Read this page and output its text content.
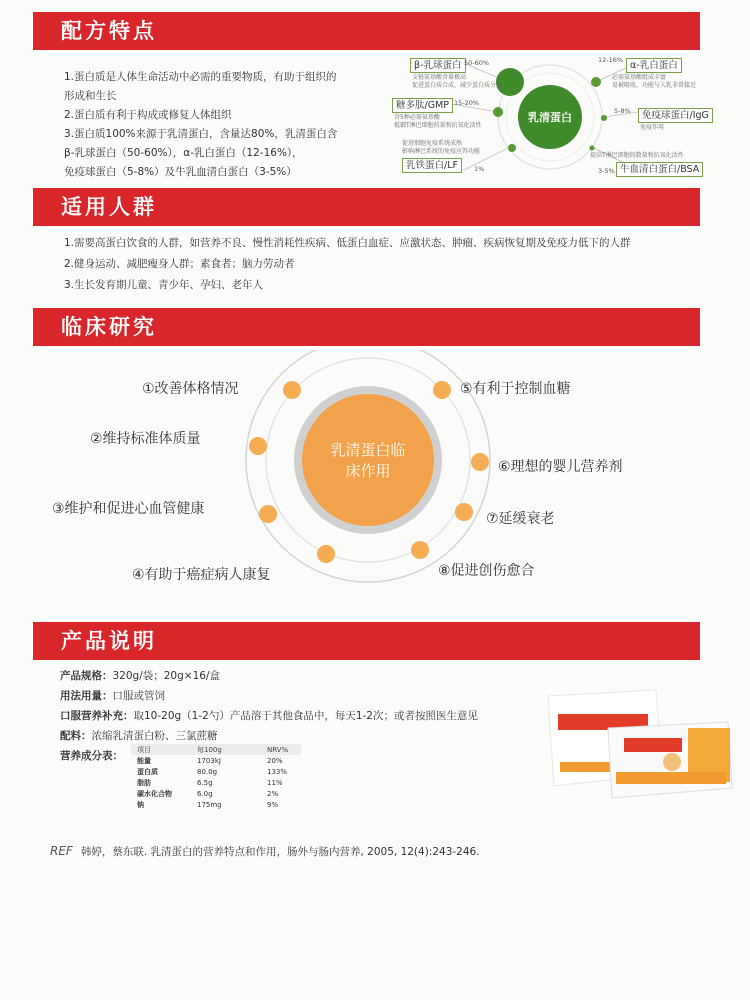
配方特点
适用人群
临床研究
产品说明
1.蛋白质是人体生命活动中必需的重要物质，有助于组织的
形成和生长
2.蛋白质有利于构成或修复人体组织
3.蛋白质100%来源于乳清蛋白，含量达80%，乳清蛋白含
β-乳球蛋白（50-60%），α-乳白蛋白（12-16%），
免疫球蛋白（5-8%）及牛乳血清白蛋白（3-5%）
乳清蛋白
β-乳球蛋白 50-60%
支链氨基酸含量极高
促进蛋白质合成，减少蛋白质分解
糖多肽/GMP 15-20%
含5种必需氨基酸
抵御T淋巴细胞的量和抗氧化活性
促进细胞免疫系统成熟
影响淋巴系统的免疫应答功能
乳铁蛋白/LF	1%
12-16% α-乳白蛋白
必需氨基酸组成丰富
易被吸收，功能与人乳非常接近
5-8%	免疫球蛋白/IgG
免疫作用
提高T淋巴细胞的数量和抗氧化活性
3-5% 牛血清白蛋白/BSA
1.需要高蛋白饮食的人群，如营养不良、慢性消耗性疾病、低蛋白血症、应激状态、肿瘤、疾病恢复期及免疫力低下的人群
2.健身运动、减肥瘦身人群；素食者；脑力劳动者
3.生长发育期儿童、青少年、孕妇、老年人
乳清蛋白临
床作用
①改善体格情况
②维持标准体质量
③维护和促进心血管健康
④有助于癌症病人康复
⑤有利于控制血糖
⑥理想的婴儿营养剂
⑦延缓衰老
⑧促进创伤愈合
产品规格：320g/袋；20g×16/盒
用法用量：口服或管饲
口服营养补充：取10-20g（1-2勺）产品溶于其他食品中，每天1-2次；或者按照医生意见
配料：浓缩乳清蛋白粉、三氯蔗糖
营养成分表：
项目	每100g	NRV%
能量	1703kJ	20%
蛋白质	80.0g	133%
脂肪	6.5g	11%
碳水化合物	6.0g	2%
钠	175mg	9%
REF 韩婷，蔡东联. 乳清蛋白的营养特点和作用，肠外与肠内营养, 2005, 12(4):243-246.
